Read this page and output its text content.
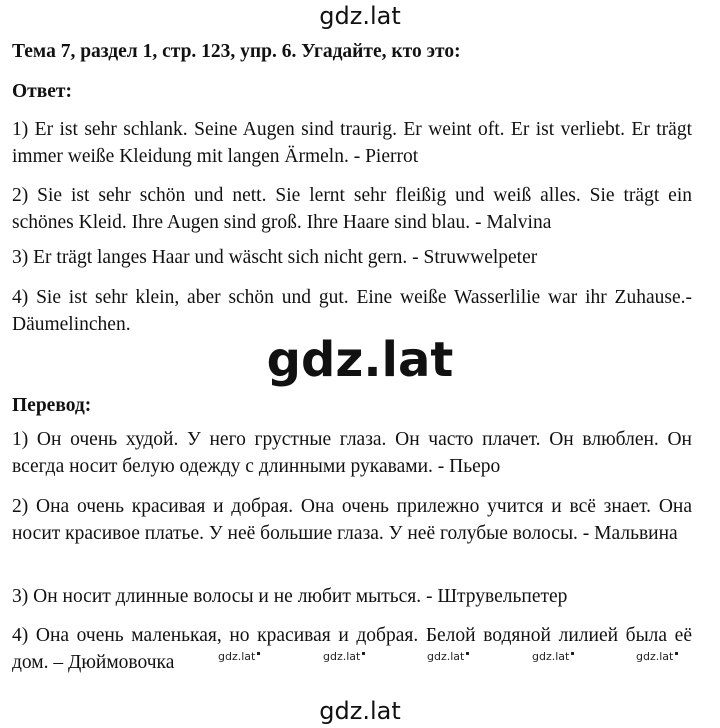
gdz.lat
Тема 7, раздел 1, стр. 123, упр. 6. Угадайте, кто это:
Ответ:
1) Er ist sehr schlank. Seine Augen sind traurig. Er weint oft. Er ist verliebt. Er trägt immer weiße Kleidung mit langen Ärmeln. - Pierrot
2) Sie ist sehr schön und nett. Sie lernt sehr fleißig und weiß alles. Sie trägt ein schönes Kleid. Ihre Augen sind groß. Ihre Haare sind blau. - Malvina
3) Er trägt langes Haar und wäscht sich nicht gern. - Struwwelpeter
4) Sie ist sehr klein, aber schön und gut. Eine weiße Wasserlilie war ihr Zuhause.- Däumelinchen.
gdz.lat
Перевод:
1) Он очень худой. У него грустные глаза. Он часто плачет. Он влюблен. Он всегда носит белую одежду с длинными рукавами. - Пьеро
2) Она очень красивая и добрая. Она очень прилежно учится и всё знает. Она носит красивое платье. У неё большие глаза. У неё голубые волосы. - Мальвина
3) Он носит длинные волосы и не любит мыться. - Штрувельпетер
4) Она очень маленькая, но красивая и добрая. Белой водяной лилией была её дом. – Дюймовочка	gdz.lat	gdz.lat	gdz.lat	gdz.lat	gdz.lat
gdz.lat
